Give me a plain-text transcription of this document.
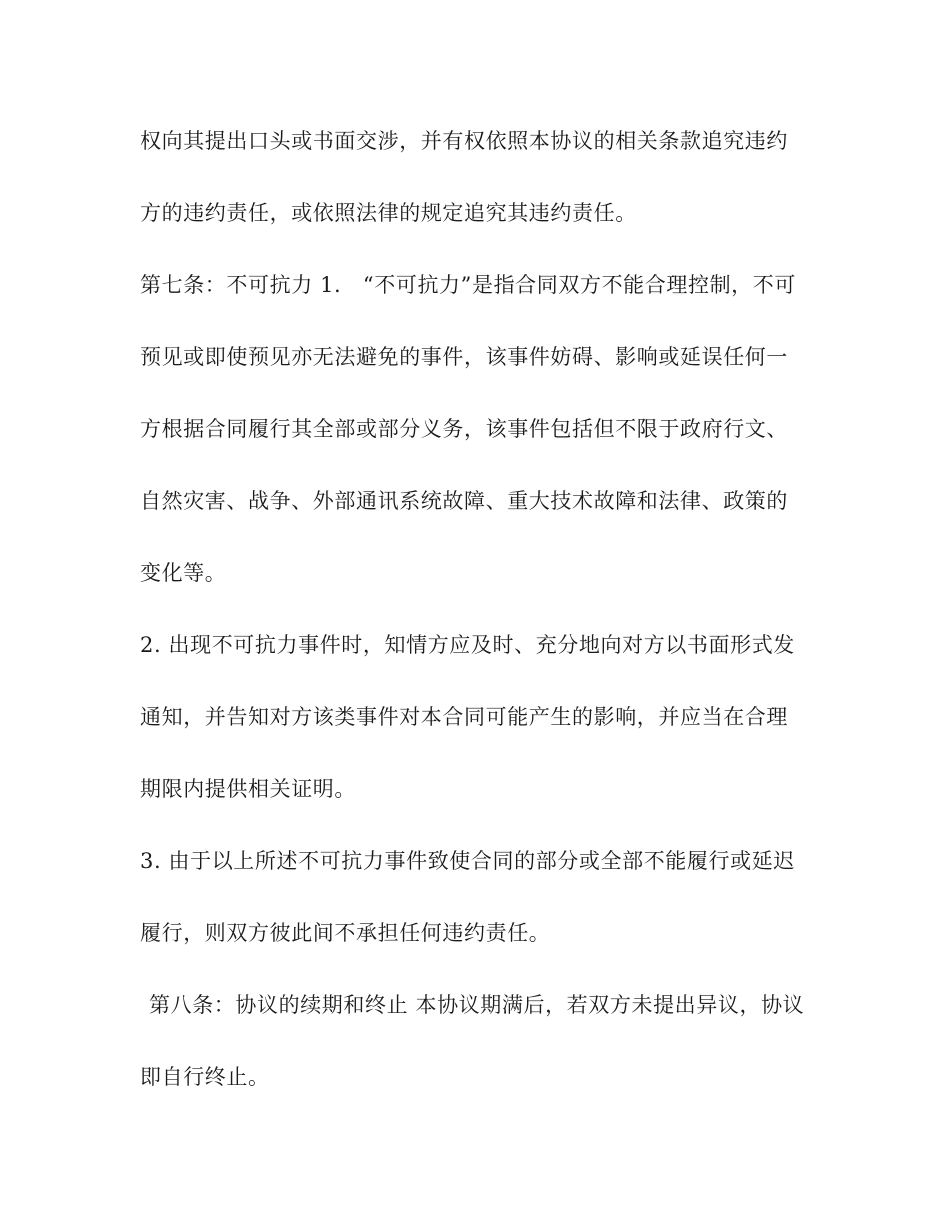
权向其提出口头或书面交涉，并有权依照本协议的相关条款追究违约
方的违约责任，或依照法律的规定追究其违约责任。
第七条：不可抗力 1.　“不可抗力”是指合同双方不能合理控制，不可
预见或即使预见亦无法避免的事件，该事件妨碍、影响或延误任何一
方根据合同履行其全部或部分义务，该事件包括但不限于政府行文、
自然灾害、战争、外部通讯系统故障、重大技术故障和法律、政策的
变化等。
2. 出现不可抗力事件时，知情方应及时、充分地向对方以书面形式发
通知，并告知对方该类事件对本合同可能产生的影响，并应当在合理
期限内提供相关证明。
3. 由于以上所述不可抗力事件致使合同的部分或全部不能履行或延迟
履行，则双方彼此间不承担任何违约责任。
第八条：协议的续期和终止 本协议期满后，若双方未提出异议，协议
即自行终止。
